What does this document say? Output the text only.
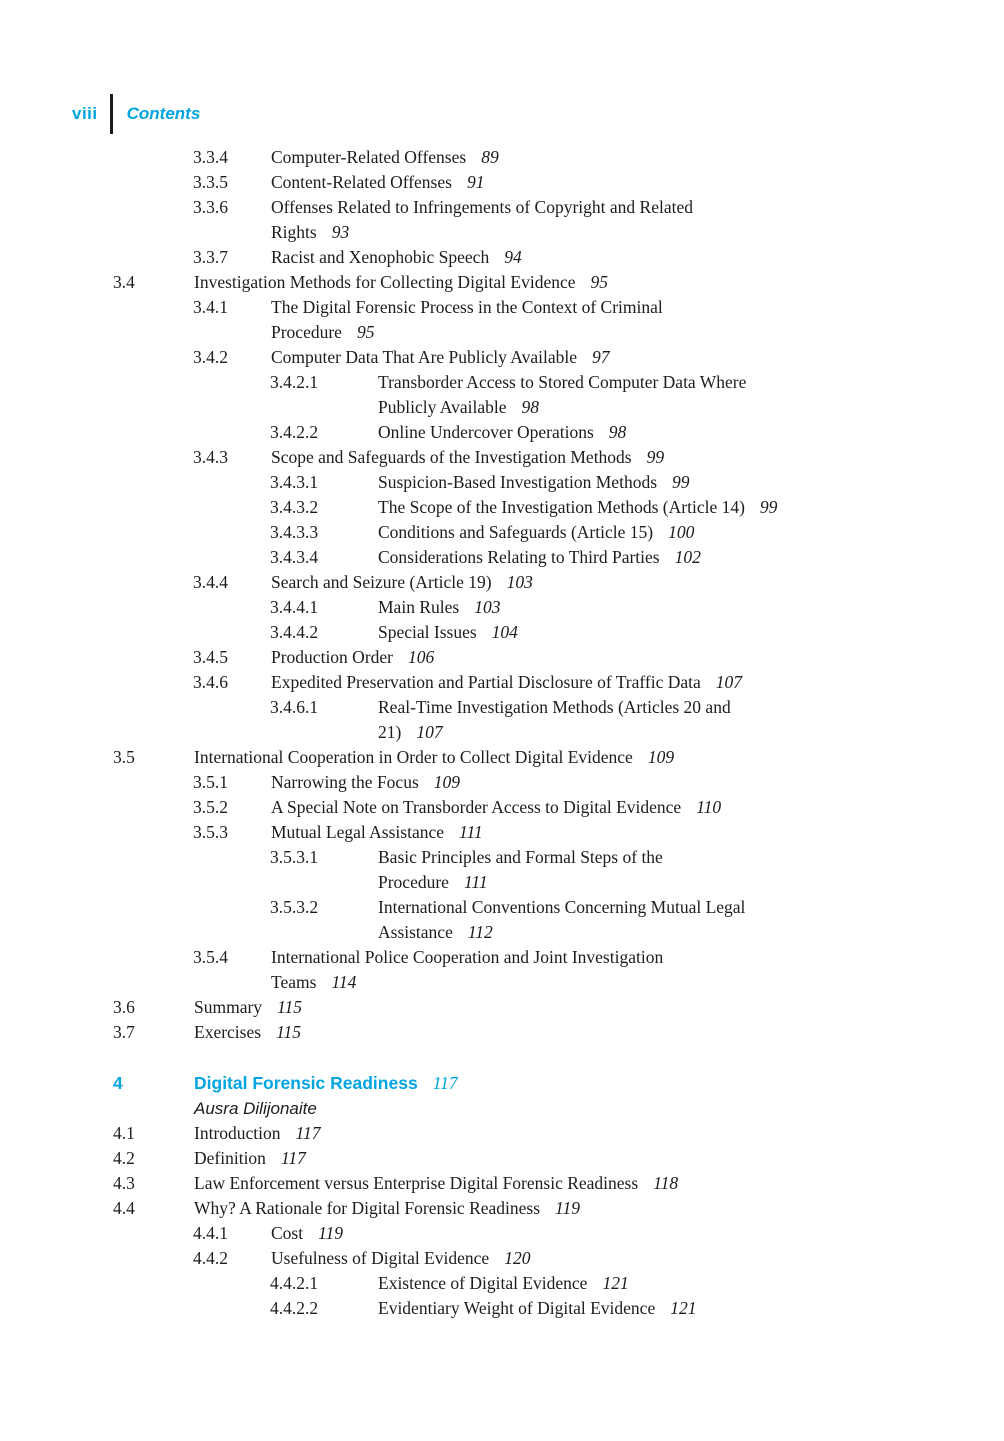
viii Contents
3.3.4 Computer-Related Offenses 89
3.3.5 Content-Related Offenses 91
3.3.6 Offenses Related to Infringements of Copyright and Related
Rights 93
3.3.7 Racist and Xenophobic Speech 94
3.4	Investigation Methods for Collecting Digital Evidence 95
3.4.1 The Digital Forensic Process in the Context of Criminal
Procedure 95
3.4.2 Computer Data That Are Publicly Available 97
3.4.2.1	Transborder Access to Stored Computer Data Where
Publicly Available 98
3.4.2.2	Online Undercover Operations 98
3.4.3 Scope and Safeguards of the Investigation Methods 99
3.4.3.1	Suspicion-Based Investigation Methods 99
3.4.3.2	The Scope of the Investigation Methods (Article 14) 99
3.4.3.3	Conditions and Safeguards (Article 15) 100
3.4.3.4	Considerations Relating to Third Parties 102
3.4.4 Search and Seizure (Article 19) 103
3.4.4.1	Main Rules 103
3.4.4.2	Special Issues 104
3.4.5 Production Order 106
3.4.6 Expedited Preservation and Partial Disclosure of Traffic Data 107
3.4.6.1	Real-Time Investigation Methods (Articles 20 and
21) 107
3.5	International Cooperation in Order to Collect Digital Evidence 109
3.5.1 Narrowing the Focus 109
3.5.2 A Special Note on Transborder Access to Digital Evidence 110
3.5.3 Mutual Legal Assistance 111
3.5.3.1	Basic Principles and Formal Steps of the
Procedure 111
3.5.3.2	International Conventions Concerning Mutual Legal
Assistance 112
3.5.4 International Police Cooperation and Joint Investigation
Teams 114
3.6	Summary 115
3.7	Exercises 115
4	Digital Forensic Readiness 117
Ausra Dilijonaite
4.1	Introduction 117
4.2	Definition 117
4.3	Law Enforcement versus Enterprise Digital Forensic Readiness 118
4.4	Why? A Rationale for Digital Forensic Readiness 119
4.4.1 Cost 119
4.4.2 Usefulness of Digital Evidence 120
4.4.2.1	Existence of Digital Evidence 121
4.4.2.2	Evidentiary Weight of Digital Evidence 121
